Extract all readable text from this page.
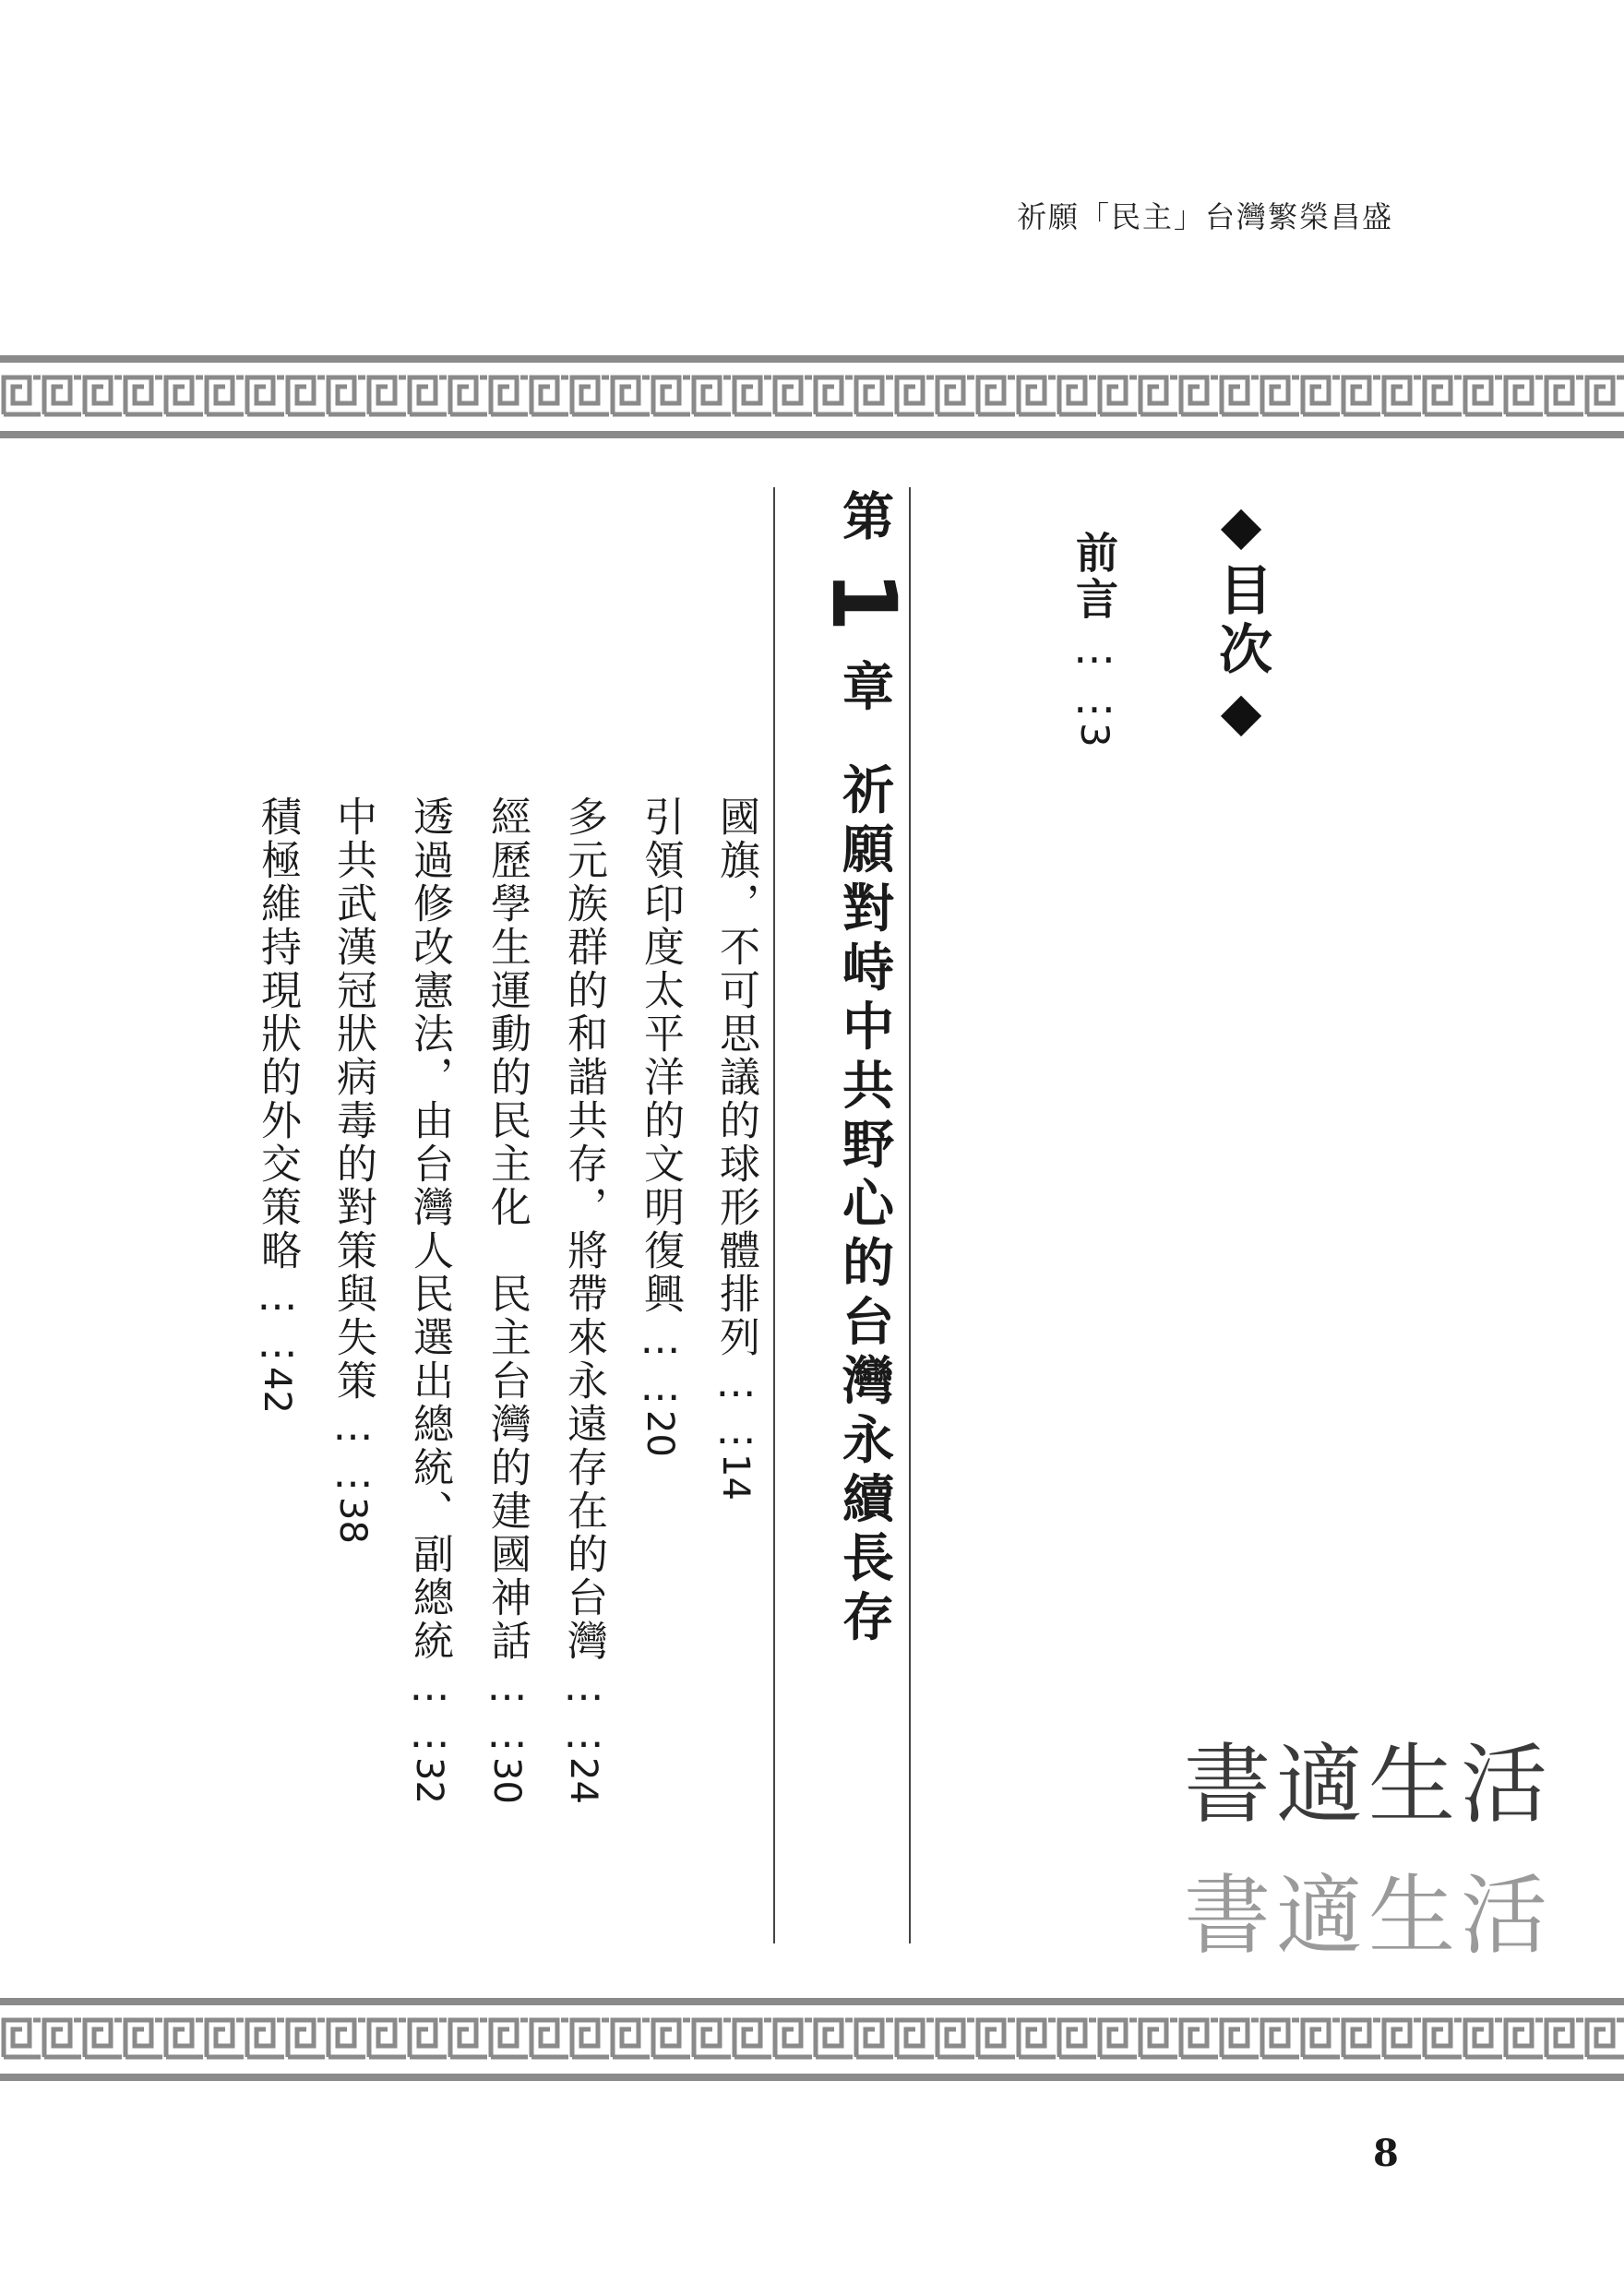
祈願「民主」台灣繁榮昌盛
◆目次◆
前言……3
第1章祈願對峙中共野心的台灣永續長存
國旗，不可思議的球形體排列……14
引領印度太平洋的文明復興……20
多元族群的和諧共存，將帶來永遠存在的台灣……24
經歷學生運動的民主化　民主台灣的建國神話……30
透過修改憲法，由台灣人民選出總統、副總統……32
中共武漢冠狀病毒的對策與失策……38
積極維持現狀的外交策略……42
書適生活
書適生活
8
